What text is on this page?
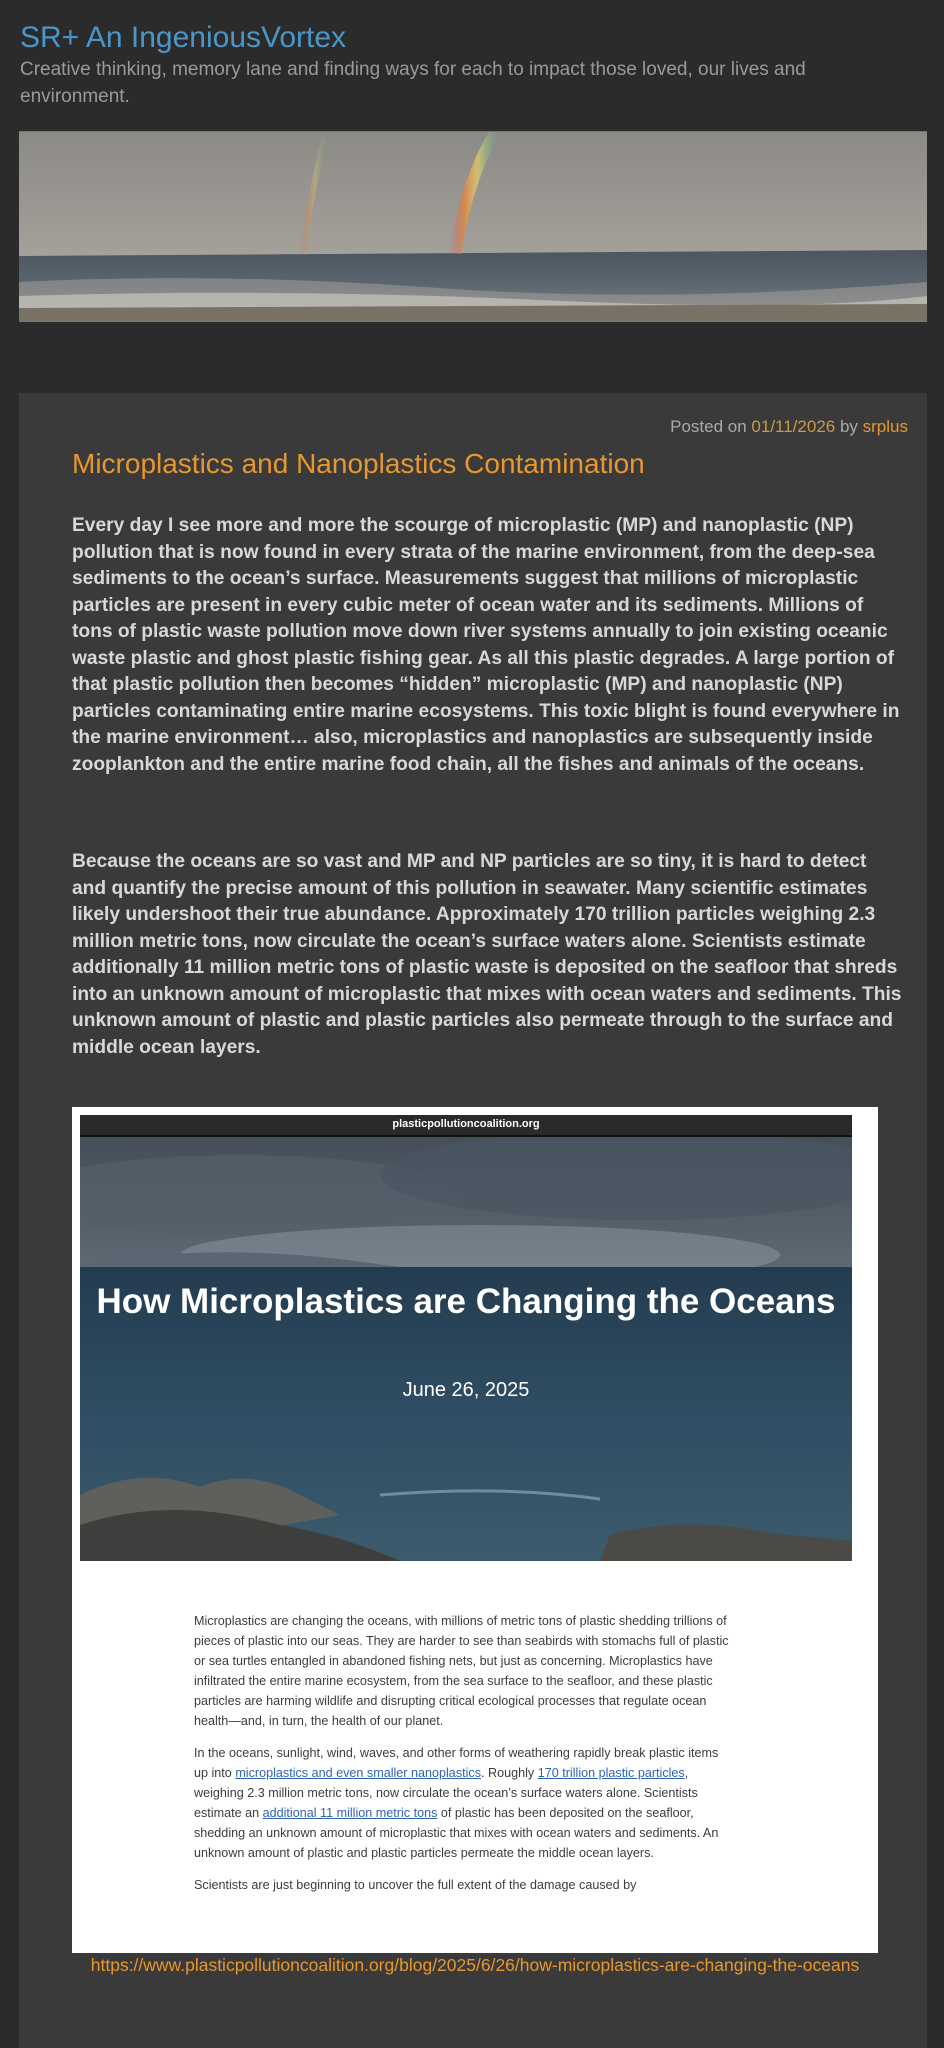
SR+ An IngeniousVortex
Creative thinking, memory lane and finding ways for each to impact those loved, our lives and environment.
Posted on 01/11/2026 by srplus
Microplastics and Nanoplastics Contamination

Every day I see more and more the scourge of microplastic (MP) and nanoplastic (NP) pollution that is now found in every strata of the marine environment, from the deep-sea sediments to the ocean’s surface. Measurements suggest that millions of microplastic particles are present in every cubic meter of ocean water and its sediments. Millions of tons of plastic waste pollution move down river systems annually to join existing oceanic waste plastic and ghost plastic fishing gear. As all this plastic degrades. A large portion of that plastic pollution then becomes “hidden” microplastic (MP) and nanoplastic (NP) particles contaminating entire marine ecosystems. This toxic blight is found everywhere in the marine environment… also, microplastics and nanoplastics are subsequently inside zooplankton and the entire marine food chain, all the fishes and animals of the oceans.

Because the oceans are so vast and MP and NP particles are so tiny, it is hard to detect and quantify the precise amount of this pollution in seawater. Many scientific estimates likely undershoot their true abundance. Approximately 170 trillion particles weighing 2.3 million metric tons, now circulate the ocean’s surface waters alone. Scientists estimate additionally 11 million metric tons of plastic waste is deposited on the seafloor that shreds into an unknown amount of microplastic that mixes with ocean waters and sediments. This unknown amount of plastic and plastic particles also permeate through to the surface and middle ocean layers.

plasticpollutioncoalition.org
How Microplastics are Changing the Oceans
June 26, 2025

Microplastics are changing the oceans, with millions of metric tons of plastic shedding trillions of pieces of plastic into our seas. They are harder to see than seabirds with stomachs full of plastic or sea turtles entangled in abandoned fishing nets, but just as concerning. Microplastics have infiltrated the entire marine ecosystem, from the sea surface to the seafloor, and these plastic particles are harming wildlife and disrupting critical ecological processes that regulate ocean health—and, in turn, the health of our planet.

In the oceans, sunlight, wind, waves, and other forms of weathering rapidly break plastic items up into microplastics and even smaller nanoplastics. Roughly 170 trillion plastic particles, weighing 2.3 million metric tons, now circulate the ocean’s surface waters alone. Scientists estimate an additional 11 million metric tons of plastic has been deposited on the seafloor, shedding an unknown amount of microplastic that mixes with ocean waters and sediments. An unknown amount of plastic and plastic particles permeate the middle ocean layers.

Scientists are just beginning to uncover the full extent of the damage caused by

https://www.plasticpollutioncoalition.org/blog/2025/6/26/how-microplastics-are-changing-the-oceans
